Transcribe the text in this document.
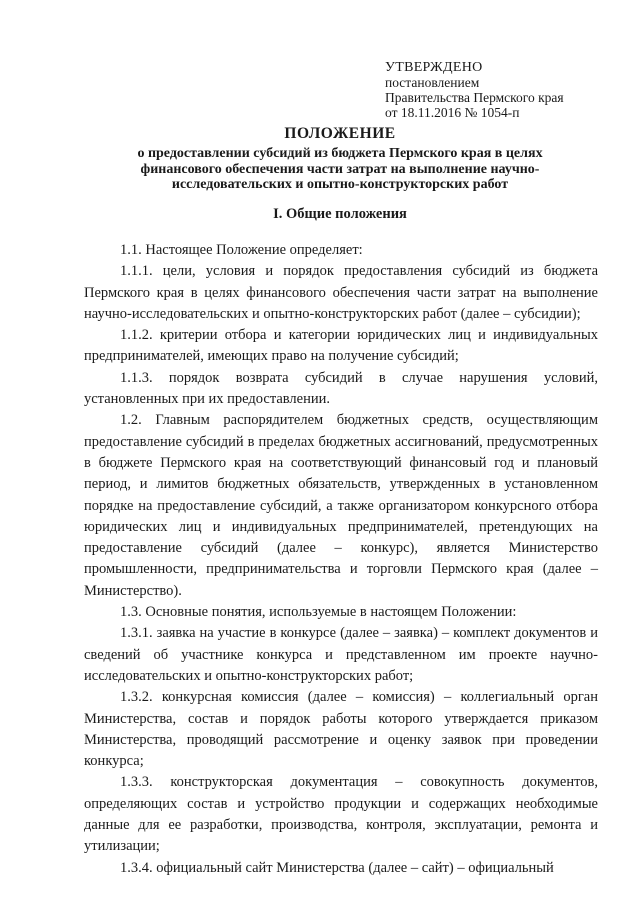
УТВЕРЖДЕНО
постановлением
Правительства Пермского края
от 18.11.2016 № 1054-п
ПОЛОЖЕНИЕ
о предоставлении субсидий из бюджета Пермского края в целях финансового обеспечения части затрат на выполнение научно-исследовательских и опытно-конструкторских работ
I. Общие положения

1.1. Настоящее Положение определяет:

1.1.1. цели, условия и порядок предоставления субсидий из бюджета Пермского края в целях финансового обеспечения части затрат на выполнение научно-исследовательских и опытно-конструкторских работ (далее – субсидии);

1.1.2. критерии отбора и категории юридических лиц и индивидуальных предпринимателей, имеющих право на получение субсидий;

1.1.3. порядок возврата субсидий в случае нарушения условий, установленных при их предоставлении.

1.2. Главным распорядителем бюджетных средств, осуществляющим предоставление субсидий в пределах бюджетных ассигнований, предусмотренных в бюджете Пермского края на соответствующий финансовый год и плановый период, и лимитов бюджетных обязательств, утвержденных в установленном порядке на предоставление субсидий, а также организатором конкурсного отбора юридических лиц и индивидуальных предпринимателей, претендующих на предоставление субсидий (далее – конкурс), является Министерство промышленности, предпринимательства и торговли Пермского края (далее – Министерство).

1.3. Основные понятия, используемые в настоящем Положении:

1.3.1. заявка на участие в конкурсе (далее – заявка) – комплект документов и сведений об участнике конкурса и представленном им проекте научно-исследовательских и опытно-конструкторских работ;

1.3.2. конкурсная комиссия (далее – комиссия) – коллегиальный орган Министерства, состав и порядок работы которого утверждается приказом Министерства, проводящий рассмотрение и оценку заявок при проведении конкурса;

1.3.3. конструкторская документация – совокупность документов, определяющих состав и устройство продукции и содержащих необходимые данные для ее разработки, производства, контроля, эксплуатации, ремонта и утилизации;

1.3.4. официальный сайт Министерства (далее – сайт) – официальный
